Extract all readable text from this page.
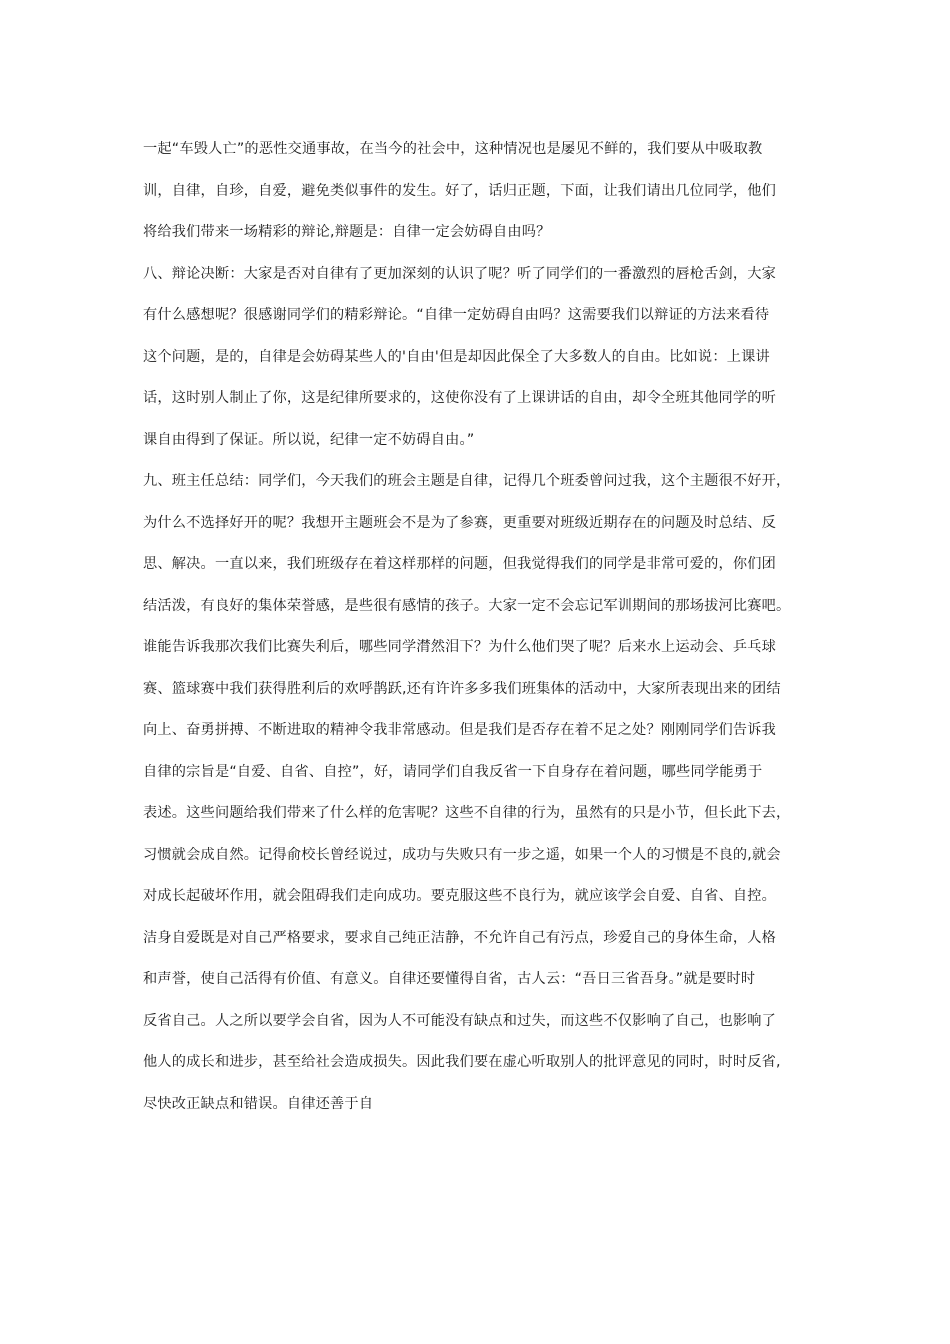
一起“车毁人亡”的恶性交通事故，在当今的社会中，这种情况也是屡见不鲜的，我们要从中吸取教
训，自律，自珍，自爱，避免类似事件的发生。好了，话归正题，下面，让我们请出几位同学，他们
将给我们带来一场精彩的辩论,辩题是：自律一定会妨碍自由吗？
八、辩论决断：大家是否对自律有了更加深刻的认识了呢？听了同学们的一番激烈的唇枪舌剑，大家
有什么感想呢？很感谢同学们的精彩辩论。“自律一定妨碍自由吗？这需要我们以辩证的方法来看待
这个问题，是的，自律是会妨碍某些人的'自由'但是却因此保全了大多数人的自由。比如说：上课讲
话，这时别人制止了你，这是纪律所要求的，这使你没有了上课讲话的自由，却令全班其他同学的听
课自由得到了保证。所以说，纪律一定不妨碍自由。”
九、班主任总结：同学们，今天我们的班会主题是自律，记得几个班委曾问过我，这个主题很不好开，
为什么不选择好开的呢？我想开主题班会不是为了参赛，更重要对班级近期存在的问题及时总结、反
思、解决。一直以来，我们班级存在着这样那样的问题，但我觉得我们的同学是非常可爱的，你们团
结活泼，有良好的集体荣誉感，是些很有感情的孩子。大家一定不会忘记军训期间的那场拔河比赛吧。
谁能告诉我那次我们比赛失利后，哪些同学潸然泪下？为什么他们哭了呢？后来水上运动会、乒乓球
赛、篮球赛中我们获得胜利后的欢呼鹊跃,还有许许多多我们班集体的活动中，大家所表现出来的团结
向上、奋勇拼搏、不断进取的精神令我非常感动。但是我们是否存在着不足之处？刚刚同学们告诉我
自律的宗旨是“自爱、自省、自控”，好，请同学们自我反省一下自身存在着问题，哪些同学能勇于
表述。这些问题给我们带来了什么样的危害呢？这些不自律的行为，虽然有的只是小节，但长此下去，
习惯就会成自然。记得俞校长曾经说过，成功与失败只有一步之遥，如果一个人的习惯是不良的,就会
对成长起破坏作用，就会阻碍我们走向成功。要克服这些不良行为，就应该学会自爱、自省、自控。
洁身自爱既是对自己严格要求，要求自己纯正洁静，不允许自己有污点，珍爱自己的身体生命，人格
和声誉，使自己活得有价值、有意义。自律还要懂得自省，古人云：“吾日三省吾身。”就是要时时
反省自己。人之所以要学会自省，因为人不可能没有缺点和过失，而这些不仅影响了自己，也影响了
他人的成长和进步，甚至给社会造成损失。因此我们要在虚心听取别人的批评意见的同时，时时反省,
尽快改正缺点和错误。自律还善于自
